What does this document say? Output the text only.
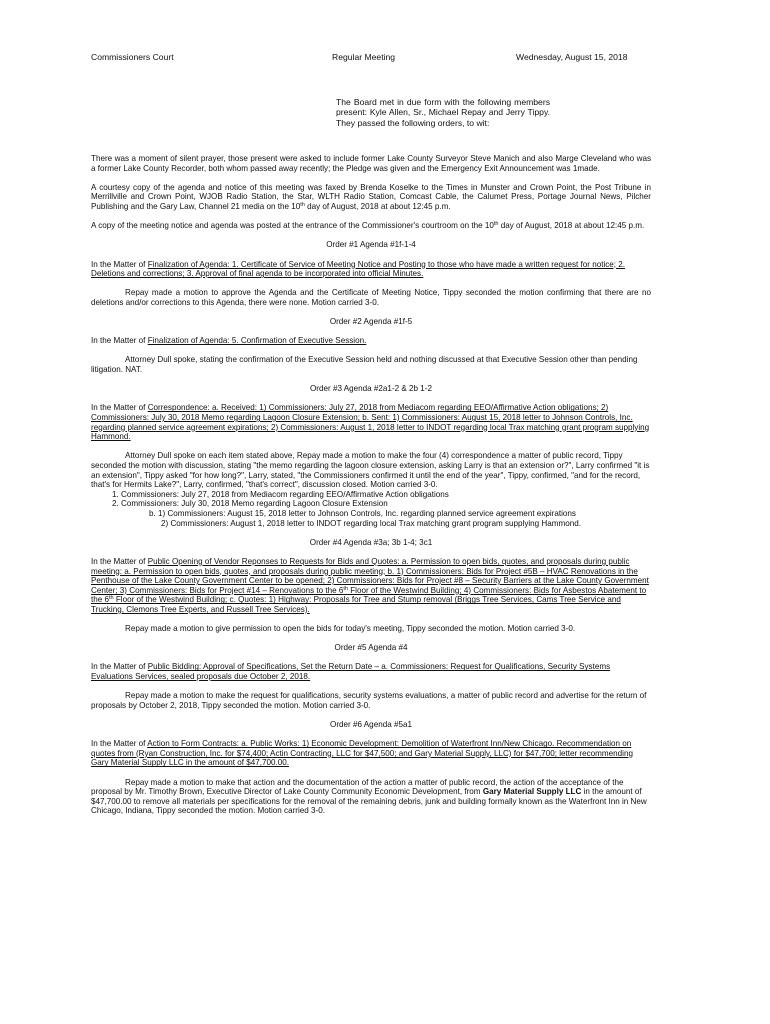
Commissioners Court	Regular Meeting	Wednesday, August 15, 2018
The Board met in due form with the following members present: Kyle Allen, Sr., Michael Repay and Jerry Tippy. They passed the following orders, to wit:

There was a moment of silent prayer, those present were asked to include former Lake County Surveyor Steve Manich and also Marge Cleveland who was a former Lake County Recorder, both whom passed away recently; the Pledge was given and the Emergency Exit Announcement was 1made.

A courtesy copy of the agenda and notice of this meeting was faxed by Brenda Koselke to the Times in Munster and Crown Point, the Post Tribune in Merrillville and Crown Point, WJOB Radio Station, the Star, WLTH Radio Station, Comcast Cable, the Calumet Press, Portage Journal News, Pilcher Publishing and the Gary Law, Channel 21 media on the 10th day of August, 2018 at about 12:45 p.m.

A copy of the meeting notice and agenda was posted at the entrance of the Commissioner's courtroom on the 10th day of August, 2018 at about 12:45 p.m.

Order #1 Agenda #1f-1-4

In the Matter of Finalization of Agenda: 1. Certificate of Service of Meeting Notice and Posting to those who have made a written request for notice; 2. Deletions and corrections; 3. Approval of final agenda to be incorporated into official Minutes.

Repay made a motion to approve the Agenda and the Certificate of Meeting Notice, Tippy seconded the motion confirming that there are no deletions and/or corrections to this Agenda, there were none. Motion carried 3-0.

Order #2 Agenda #1f-5

In the Matter of Finalization of Agenda: 5. Confirmation of Executive Session.

Attorney Dull spoke, stating the confirmation of the Executive Session held and nothing discussed at that Executive Session other than pending litigation. NAT.

Order #3 Agenda #2a1-2 & 2b 1-2

In the Matter of Correspondence: a. Received: 1) Commissioners: July 27, 2018 from Mediacom regarding EEO/Affirmative Action obligations; 2) Commissioners: July 30, 2018 Memo regarding Lagoon Closure Extension; b. Sent: 1) Commissioners: August 15, 2018 letter to Johnson Controls, Inc. regarding planned service agreement expirations; 2) Commissioners: August 1, 2018 letter to INDOT regarding local Trax matching grant program supplying Hammond.

Attorney Dull spoke on each item stated above, Repay made a motion to make the four (4) correspondence a matter of public record, Tippy seconded the motion with discussion, stating "the memo regarding the lagoon closure extension, asking Larry is that an extension or?", Larry confirmed "it is an extension", Tippy asked "for how long?", Larry, stated, "the Commissioners confirmed it until the end of the year", Tippy, confirmed, "and for the record, that's for Hermits Lake?", Larry, confirmed, "that's correct", discussion closed. Motion carried 3-0.

1. Commissioners: July 27, 2018 from Mediacom regarding EEO/Affirmative Action obligations
2. Commissioners: July 30, 2018 Memo regarding Lagoon Closure Extension

b. 1) Commissioners: August 15, 2018 letter to Johnson Controls, Inc. regarding planned service agreement expirations

2) Commissioners: August 1, 2018 letter to INDOT regarding local Trax matching grant program supplying Hammond.

Order #4 Agenda #3a; 3b 1-4; 3c1

In the Matter of Public Opening of Vendor Reponses to Requests for Bids and Quotes: a. Permission to open bids, quotes, and proposals during public meeting: a. Permission to open bids, quotes, and proposals during public meeting; b. 1) Commissioners: Bids for Project #5B – HVAC Renovations in the Penthouse of the Lake County Government Center to be opened; 2) Commissioners: Bids for Project #8 – Security Barriers at the Lake County Government Center; 3) Commissioners: Bids for Project #14 – Renovations to the 6th Floor of the Westwind Building; 4) Commissioners: Bids for Asbestos Abatement to the 6th Floor of the Westwind Building; c. Quotes: 1) Highway: Proposals for Tree and Stump removal (Briggs Tree Services, Cams Tree Service and Trucking, Clemons Tree Experts, and Russell Tree Services).

Repay made a motion to give permission to open the bids for today's meeting, Tippy seconded the motion. Motion carried 3-0.

Order #5 Agenda #4

In the Matter of Public Bidding: Approval of Specifications, Set the Return Date – a. Commissioners: Request for Qualifications, Security Systems Evaluations Services, sealed proposals due October 2, 2018.

Repay made a motion to make the request for qualifications, security systems evaluations, a matter of public record and advertise for the return of proposals by October 2, 2018, Tippy seconded the motion. Motion carried 3-0.

Order #6 Agenda #5a1

In the Matter of Action to Form Contracts: a. Public Works: 1) Economic Development: Demolition of Waterfront Inn/New Chicago. Recommendation on quotes from (Ryan Construction, Inc. for $74,400; Actin Contracting, LLC for $47,500; and Gary Material Supply, LLC) for $47,700; letter recommending Gary Material Supply LLC in the amount of $47,700.00.

Repay made a motion to make that action and the documentation of the action a matter of public record, the action of the acceptance of the proposal by Mr. Timothy Brown, Executive Director of Lake County Community Economic Development, from Gary Material Supply LLC in the amount of $47,700.00 to remove all materials per specifications for the removal of the remaining debris, junk and building formally known as the Waterfront Inn in New Chicago, Indiana, Tippy seconded the motion. Motion carried 3-0.
